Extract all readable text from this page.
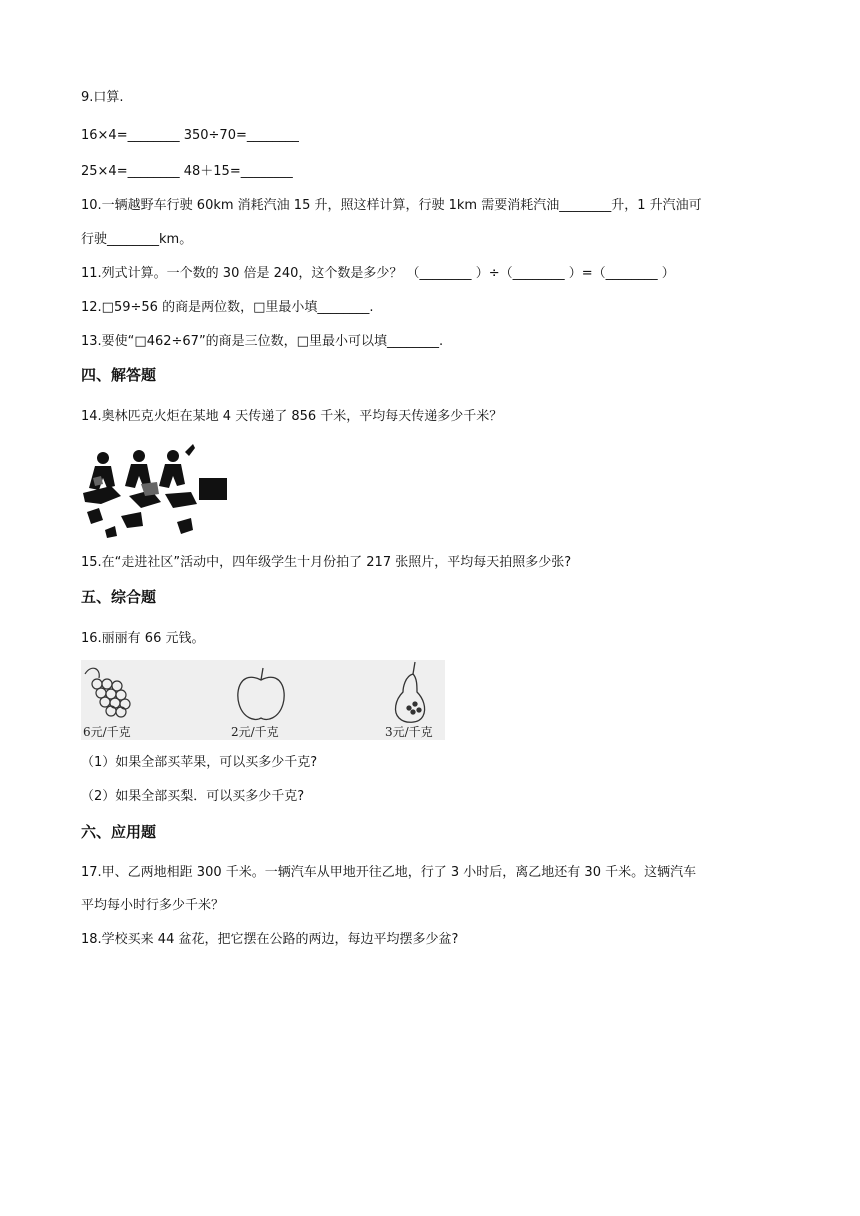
9.口算.
16×4=________ 350÷70=________
25×4=________ 48＋15=________
10.一辆越野车行驶 60km 消耗汽油 15 升，照这样计算，行驶 1km 需要消耗汽油________升，1 升汽油可
行驶________km。
11.列式计算。一个数的 30 倍是 240，这个数是多少？ （________ ）÷（________ ）=（________ ）
12.□59÷56 的商是两位数，□里最小填________.
13.要使“□462÷67”的商是三位数，□里最小可以填________.
四、解答题
14.奥林匹克火炬在某地 4 天传递了 856 千米，平均每天传递多少千米？
15.在“走进社区”活动中，四年级学生十月份拍了 217 张照片，平均每天拍照多少张?
五、综合题
16.丽丽有 66 元钱。
6元/千克	2元/千克	3元/千克
（1）如果全部买苹果，可以买多少千克?
（2）如果全部买梨．可以买多少千克?
六、应用题
17.甲、乙两地相距 300 千米。一辆汽车从甲地开往乙地，行了 3 小时后，离乙地还有 30 千米。这辆汽车
平均每小时行多少千米？
18.学校买来 44 盆花，把它摆在公路的两边，每边平均摆多少盆?
